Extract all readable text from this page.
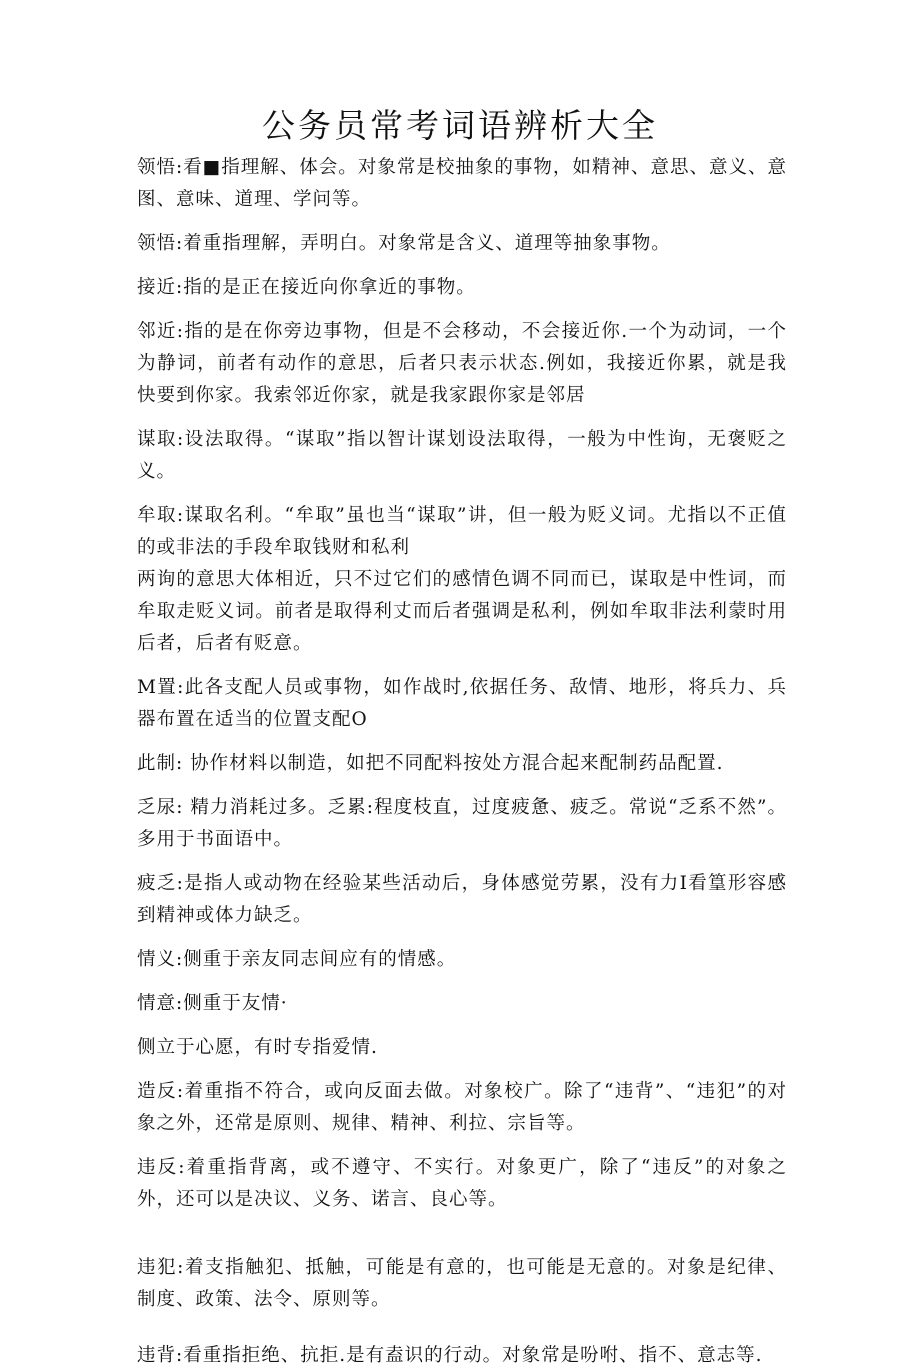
公务员常考词语辨析大全

领悟:看■指理解、体会。对象常是校抽象的事物，如精神、意思、意义、意图、意味、道理、学问等。

领悟:着重指理解，弄明白。对象常是含义、道理等抽象事物。

接近:指的是正在接近向你拿近的事物。

邻近:指的是在你旁边事物，但是不会移动，不会接近你.一个为动词，一个为静词，前者有动作的意思，后者只表示状态.例如，我接近你累，就是我快要到你家。我索邻近你家，就是我家跟你家是邻居

谋取:设法取得。“谋取”指以智计谋划设法取得，一般为中性询，无褒贬之义。

牟取:谋取名利。“牟取”虽也当“谋取”讲，但一般为贬义词。尤指以不正值的或非法的手段牟取钱财和私利

两询的意思大体相近，只不过它们的感情色调不同而已，谋取是中性词，而牟取走贬义词。前者是取得利丈而后者强调是私利，例如牟取非法利蒙时用后者，后者有贬意。

M置:此各支配人员或事物，如作战时,依据任务、敌情、地形，将兵力、兵器布置在适当的位置支配O

此制: 协作材料以制造，如把不同配料按处方混合起来配制药品配置.

乏尿: 精力消耗过多。乏累:程度枝直，过度疲惫、疲乏。常说“乏系不然”。多用于书面语中。

疲乏:是指人或动物在经验某些活动后，身体感觉劳累，没有力I看篁形容感到精神或体力缺乏。

情义:侧重于亲友同志间应有的情感。

情意:侧重于友情·

侧立于心愿，有时专指爱情.

造反:着重指不符合，或向反面去做。对象校广。除了“违背”、“违犯”的对象之外，还常是原则、规律、精神、利拉、宗旨等。

违反:着重指背离，或不遵守、不实行。对象更广，除了“违反”的对象之外，还可以是决议、义务、诺言、良心等。

违犯:着支指触犯、抵触，可能是有意的，也可能是无意的。对象是纪律、制度、政策、法令、原则等。

违背:看重指拒绝、抗拒.是有盍识的行动。对象常是吩咐、指不、意志等.
